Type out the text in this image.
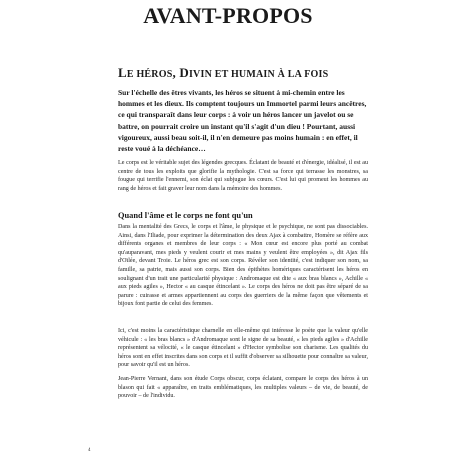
AVANT-PROPOS
LE HÉROS, DIVIN ET HUMAIN À LA FOIS

Sur l'échelle des êtres vivants, les héros se situent à mi-chemin entre les hommes et les dieux. Ils comptent toujours un Immortel parmi leurs ancêtres, ce qui transparaît dans leur corps : à voir un héros lancer un javelot ou se battre, on pourrait croire un instant qu'il s'agit d'un dieu ! Pourtant, aussi vigoureux, aussi beau soit-il, il n'en demeure pas moins humain : en effet, il reste voué à la déchéance…

Le corps est le véritable sujet des légendes grecques. Éclatant de beauté et d'énergie, idéalisé, il est au centre de tous les exploits que glorifie la mythologie. C'est sa force qui terrasse les monstres, sa fougue qui terrifie l'ennemi, son éclat qui subjugue les cœurs. C'est lui qui promeut les hommes au rang de héros et fait graver leur nom dans la mémoire des hommes.

Quand l'âme et le corps ne font qu'un

Dans la mentalité des Grecs, le corps et l'âme, le physique et le psychique, ne sont pas dissociables. Ainsi, dans l'Iliade, pour exprimer la détermination des deux Ajax à combattre, Homère se réfère aux différents organes et membres de leur corps : « Mon cœur est encore plus porté au combat qu'auparavant, mes pieds y veulent courir et mes mains y veulent être employées », dit Ajax fils d'Oïlée, devant Troie. Le héros grec est son corps. Révéler son identité, c'est indiquer son nom, sa famille, sa patrie, mais aussi son corps. Bien des épithètes homériques caractérisent les héros en soulignant d'un trait une particularité physique : Andromaque est dite « aux bras blancs », Achille « aux pieds agiles », Hector « au casque étincelant ». Le corps des héros ne doit pas être séparé de sa parure : cuirasse et armes appartiennent au corps des guerriers de la même façon que vêtements et bijoux font partie de celui des femmes.

Ici, c'est moins la caractéristique charnelle en elle-même qui intéresse le poète que la valeur qu'elle véhicule : « les bras blancs » d'Andromaque sont le signe de sa beauté, « les pieds agiles » d'Achille représentent sa vélocité, « le casque étincelant » d'Hector symbolise son charisme. Les qualités du héros sont en effet inscrites dans son corps et il suffit d'observer sa silhouette pour connaître sa valeur, pour savoir qu'il est un héros.

Jean-Pierre Vernant, dans son étude Corps obscur, corps éclatant, compare le corps des héros à un blason qui fait « apparaître, en traits emblématiques, les multiples valeurs – de vie, de beauté, de pouvoir – de l'individu.

4
